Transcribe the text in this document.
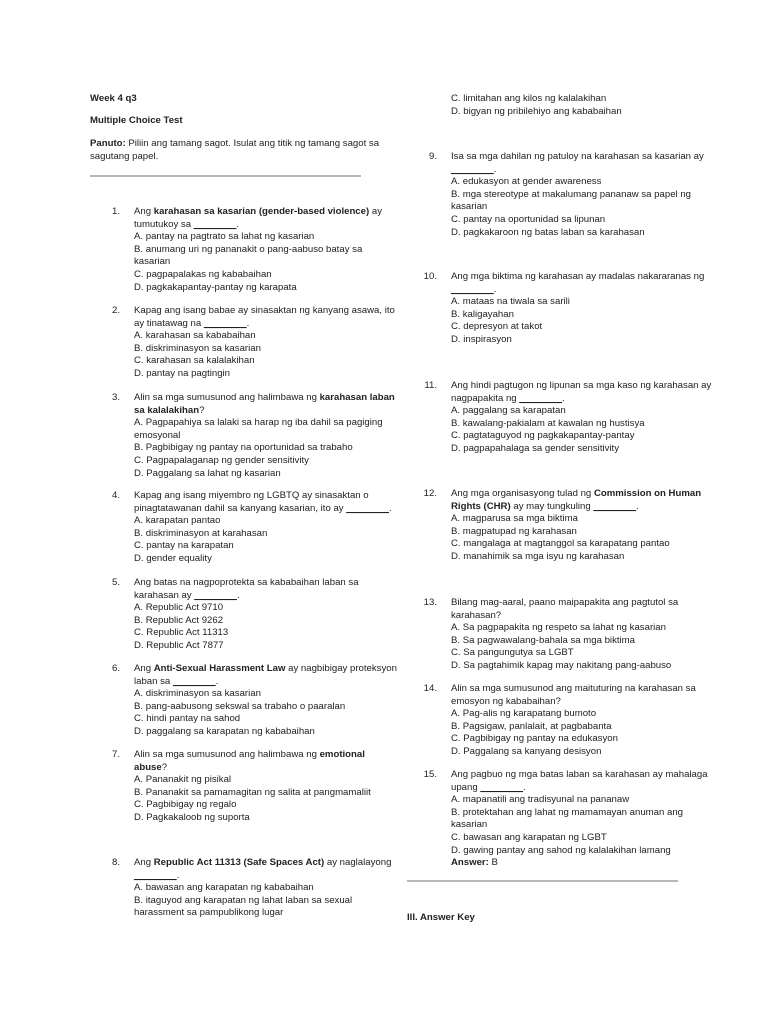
Week 4 q3
Multiple Choice Test
Panuto: Piliin ang tamang sagot. Isulat ang titik ng tamang sagot sa
sagutang papel.
1. Ang karahasan sa kasarian (gender-based violence) ay
tumutukoy sa ________.
A. pantay na pagtrato sa lahat ng kasarian
B. anumang uri ng pananakit o pang-aabuso batay sa
kasarian
C. pagpapalakas ng kababaihan
D. pagkakapantay-pantay ng karapata
2. Kapag ang isang babae ay sinasaktan ng kanyang asawa, ito
ay tinatawag na ________.
A. karahasan sa kababaihan
B. diskriminasyon sa kasarian
C. karahasan sa kalalakihan
D. pantay na pagtingin
3. Alin sa mga sumusunod ang halimbawa ng karahasan laban
sa kalalakihan?
A. Pagpapahiya sa lalaki sa harap ng iba dahil sa pagiging
emosyonal
B. Pagbibigay ng pantay na oportunidad sa trabaho
C. Pagpapalaganap ng gender sensitivity
D. Paggalang sa lahat ng kasarian
4. Kapag ang isang miyembro ng LGBTQ ay sinasaktan o
pinagtatawanan dahil sa kanyang kasarian, ito ay ________.
A. karapatan pantao
B. diskriminasyon at karahasan
C. pantay na karapatan
D. gender equality
5. Ang batas na nagpoprotekta sa kababaihan laban sa
karahasan ay ________.
A. Republic Act 9710
B. Republic Act 9262
C. Republic Act 11313
D. Republic Act 7877
6. Ang Anti-Sexual Harassment Law ay nagbibigay proteksyon
laban sa ________.
A. diskriminasyon sa kasarian
B. pang-aabusong sekswal sa trabaho o paaralan
C. hindi pantay na sahod
D. paggalang sa karapatan ng kababaihan
7. Alin sa mga sumusunod ang halimbawa ng emotional
abuse?
A. Pananakit ng pisikal
B. Pananakit sa pamamagitan ng salita at pangmamaliit
C. Pagbibigay ng regalo
D. Pagkakaloob ng suporta
8. Ang Republic Act 11313 (Safe Spaces Act) ay naglalayong
________.
A. bawasan ang karapatan ng kababaihan
B. itaguyod ang karapatan ng lahat laban sa sexual
harassment sa pampublikong lugar
C. limitahan ang kilos ng kalalakihan
D. bigyan ng pribilehiyo ang kababaihan
9. Isa sa mga dahilan ng patuloy na karahasan sa kasarian ay
________.
A. edukasyon at gender awareness
B. mga stereotype at makalumang pananaw sa papel ng
kasarian
C. pantay na oportunidad sa lipunan
D. pagkakaroon ng batas laban sa karahasan
10. Ang mga biktima ng karahasan ay madalas nakararanas ng
________.
A. mataas na tiwala sa sarili
B. kaligayahan
C. depresyon at takot
D. inspirasyon
11. Ang hindi pagtugon ng lipunan sa mga kaso ng karahasan ay
nagpapakita ng ________.
A. paggalang sa karapatan
B. kawalang-pakialam at kawalan ng hustisya
C. pagtataguyod ng pagkakapantay-pantay
D. pagpapahalaga sa gender sensitivity
12. Ang mga organisasyong tulad ng Commission on Human
Rights (CHR) ay may tungkuling ________.
A. magparusa sa mga biktima
B. magpatupad ng karahasan
C. mangalaga at magtanggol sa karapatang pantao
D. manahimik sa mga isyu ng karahasan
13. Bilang mag-aaral, paano maipapakita ang pagtutol sa
karahasan?
A. Sa pagpapakita ng respeto sa lahat ng kasarian
B. Sa pagwawalang-bahala sa mga biktima
C. Sa pangungutya sa LGBT
D. Sa pagtahimik kapag may nakitang pang-aabuso
14. Alin sa mga sumusunod ang maituturing na karahasan sa
emosyon ng kababaihan?
A. Pag-alis ng karapatang bumoto
B. Pagsigaw, panlalait, at pagbabanta
C. Pagbibigay ng pantay na edukasyon
D. Paggalang sa kanyang desisyon
15. Ang pagbuo ng mga batas laban sa karahasan ay mahalaga
upang ________.
A. mapanatili ang tradisyunal na pananaw
B. protektahan ang lahat ng mamamayan anuman ang
kasarian
C. bawasan ang karapatan ng LGBT
D. gawing pantay ang sahod ng kalalakihan lamang
Answer: B
III. Answer Key
